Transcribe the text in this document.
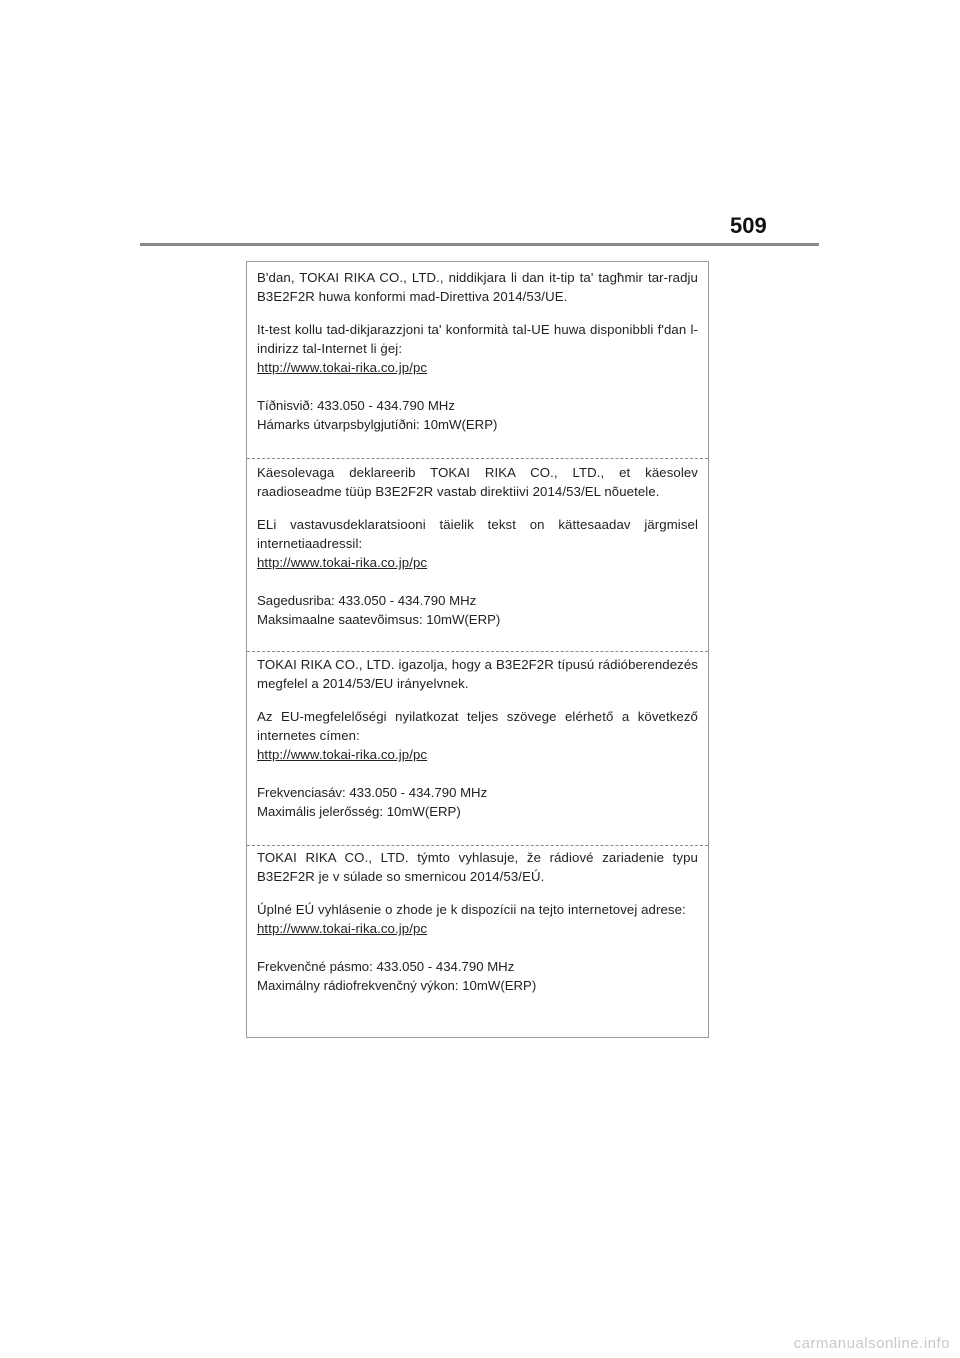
509

B'dan, TOKAI RIKA CO., LTD., niddikjara li dan it-tip ta' tagħmir tar-radju B3E2F2R huwa konformi mad-Direttiva 2014/53/UE.

It-test kollu tad-dikjarazzjoni ta' konformità tal-UE huwa disponibbli f'dan l-indirizz tal-Internet li ġej:

http://www.tokai-rika.co.jp/pc

Tíðnisvið: 433.050 - 434.790 MHz

Hámarks útvarpsbylgjutíðni: 10mW(ERP)

Käesolevaga deklareerib TOKAI RIKA CO., LTD., et käesolev raadioseadme tüüp B3E2F2R vastab direktiivi 2014/53/EL nõuetele.

ELi vastavusdeklaratsiooni täielik tekst on kättesaadav järgmisel internetiaadressil:

http://www.tokai-rika.co.jp/pc

Sagedusriba: 433.050 - 434.790 MHz

Maksimaalne saatevõimsus: 10mW(ERP)

TOKAI RIKA CO., LTD. igazolja, hogy a B3E2F2R típusú rádióberendezés megfelel a 2014/53/EU irányelvnek.

Az EU-megfelelőségi nyilatkozat teljes szövege elérhető a következő internetes címen:

http://www.tokai-rika.co.jp/pc

Frekvenciasáv: 433.050 - 434.790 MHz

Maximális jelerősség: 10mW(ERP)

TOKAI RIKA CO., LTD. týmto vyhlasuje, že rádiové zariadenie typu B3E2F2R je v súlade so smernicou 2014/53/EÚ.

Úplné EÚ vyhlásenie o zhode je k dispozícii na tejto internetovej adrese:

http://www.tokai-rika.co.jp/pc

Frekvenčné pásmo: 433.050 - 434.790 MHz

Maximálny rádiofrekvenčný výkon: 10mW(ERP)

carmanualsonline.info
